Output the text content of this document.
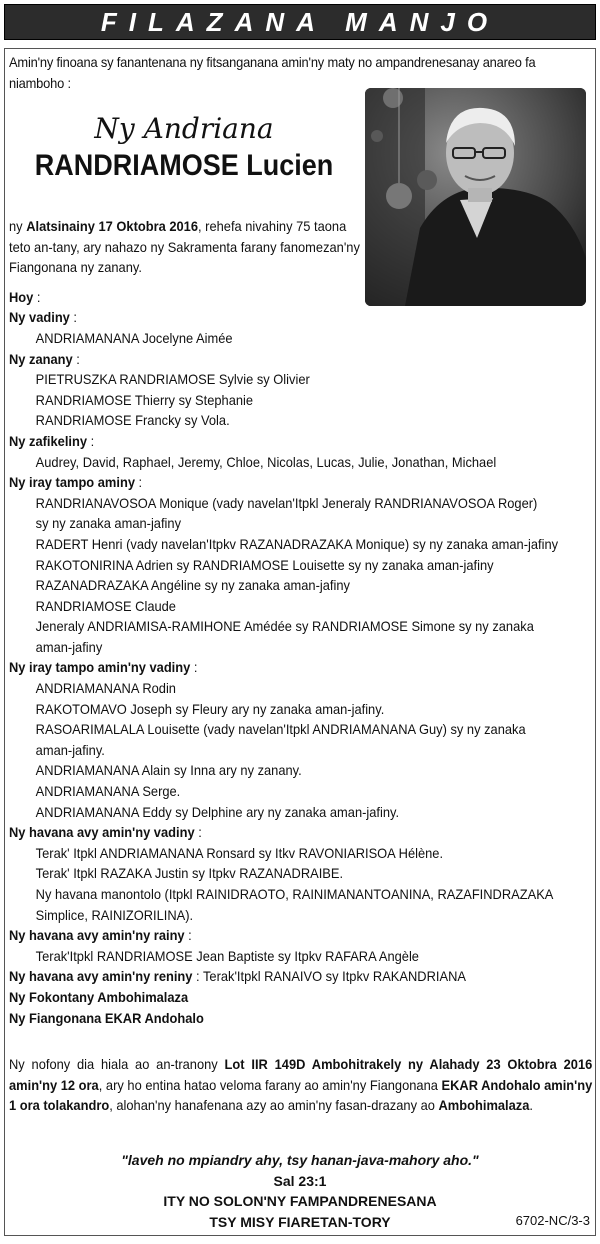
FILAZANA MANJO

Amin'ny finoana sy fanantenana ny fitsanganana amin'ny maty no ampandrenesanay anareo fa niamboho :

Ny Andriana
RANDRIAMOSE Lucien
ny Alatsinainy 17 Oktobra 2016, rehefa nivahiny 75 taona teto an-tany, ary nahazo ny Sakramenta farany fanomezan'ny Fiangonana ny zanany.
Hoy :
Ny vadiny :
ANDRIAMANANA Jocelyne Aimée
Ny zanany :
PIETRUSZKA RANDRIAMOSE Sylvie sy Olivier
RANDRIAMOSE Thierry sy Stephanie
RANDRIAMOSE Francky sy Vola.
Ny zafikeliny :
Audrey, David, Raphael, Jeremy, Chloe, Nicolas, Lucas, Julie, Jonathan, Michael
Ny iray tampo aminy :
RANDRIANAVOSOA Monique (vady navelan'Itpkl Jeneraly RANDRIANAVOSOA Roger)
sy ny zanaka aman-jafiny
RADERT Henri (vady navelan'Itpkv RAZANADRAZAKA Monique) sy ny zanaka aman-jafiny
RAKOTONIRINA Adrien sy RANDRIAMOSE Louisette sy ny zanaka aman-jafiny
RAZANADRAZAKA Angéline sy ny zanaka aman-jafiny
RANDRIAMOSE Claude
Jeneraly ANDRIAMISA-RAMIHONE Amédée sy RANDRIAMOSE Simone sy ny zanaka
aman-jafiny
Ny iray tampo amin'ny vadiny :
ANDRIAMANANA Rodin
RAKOTOMAVO Joseph sy Fleury ary ny zanaka aman-jafiny.
RASOARIMALALA Louisette (vady navelan'Itpkl ANDRIAMANANA Guy) sy ny zanaka
aman-jafiny.
ANDRIAMANANA Alain sy Inna ary ny zanany.
ANDRIAMANANA Serge.
ANDRIAMANANA Eddy sy Delphine ary ny zanaka aman-jafiny.
Ny havana avy amin'ny vadiny :
Terak' Itpkl ANDRIAMANANA Ronsard sy Itkv RAVONIARISOA Hélène.
Terak' Itpkl RAZAKA Justin sy Itpkv RAZANADRAIBE.
Ny havana manontolo (Itpkl RAINIDRAOTO, RAINIMANANTOANINA, RAZAFINDRAZAKA
Simplice, RAINIZORILINA).
Ny havana avy amin'ny rainy :
Terak'Itpkl RANDRIAMOSE Jean Baptiste sy Itpkv RAFARA Angèle
Ny havana avy amin'ny reniny : Terak'Itpkl RANAIVO sy Itpkv RAKANDRIANA
Ny Fokontany Ambohimalaza
Ny Fiangonana EKAR Andohalo
Ny nofony dia hiala ao an-tranony Lot IIR 149D Ambohitrakely ny Alahady 23 Oktobra 2016 amin'ny 12 ora, ary ho entina hatao veloma farany ao amin'ny Fiangonana EKAR Andohalo amin'ny 1 ora tolakandro, alohan'ny hanafenana azy ao amin'ny fasan-drazany ao Ambohimalaza.
"laveh no mpiandry ahy, tsy hanan-java-mahory aho."
Sal 23:1
ITY NO SOLON'NY FAMPANDRENESANA
TSY MISY FIARETAN-TORY	6702-NC/3-3
